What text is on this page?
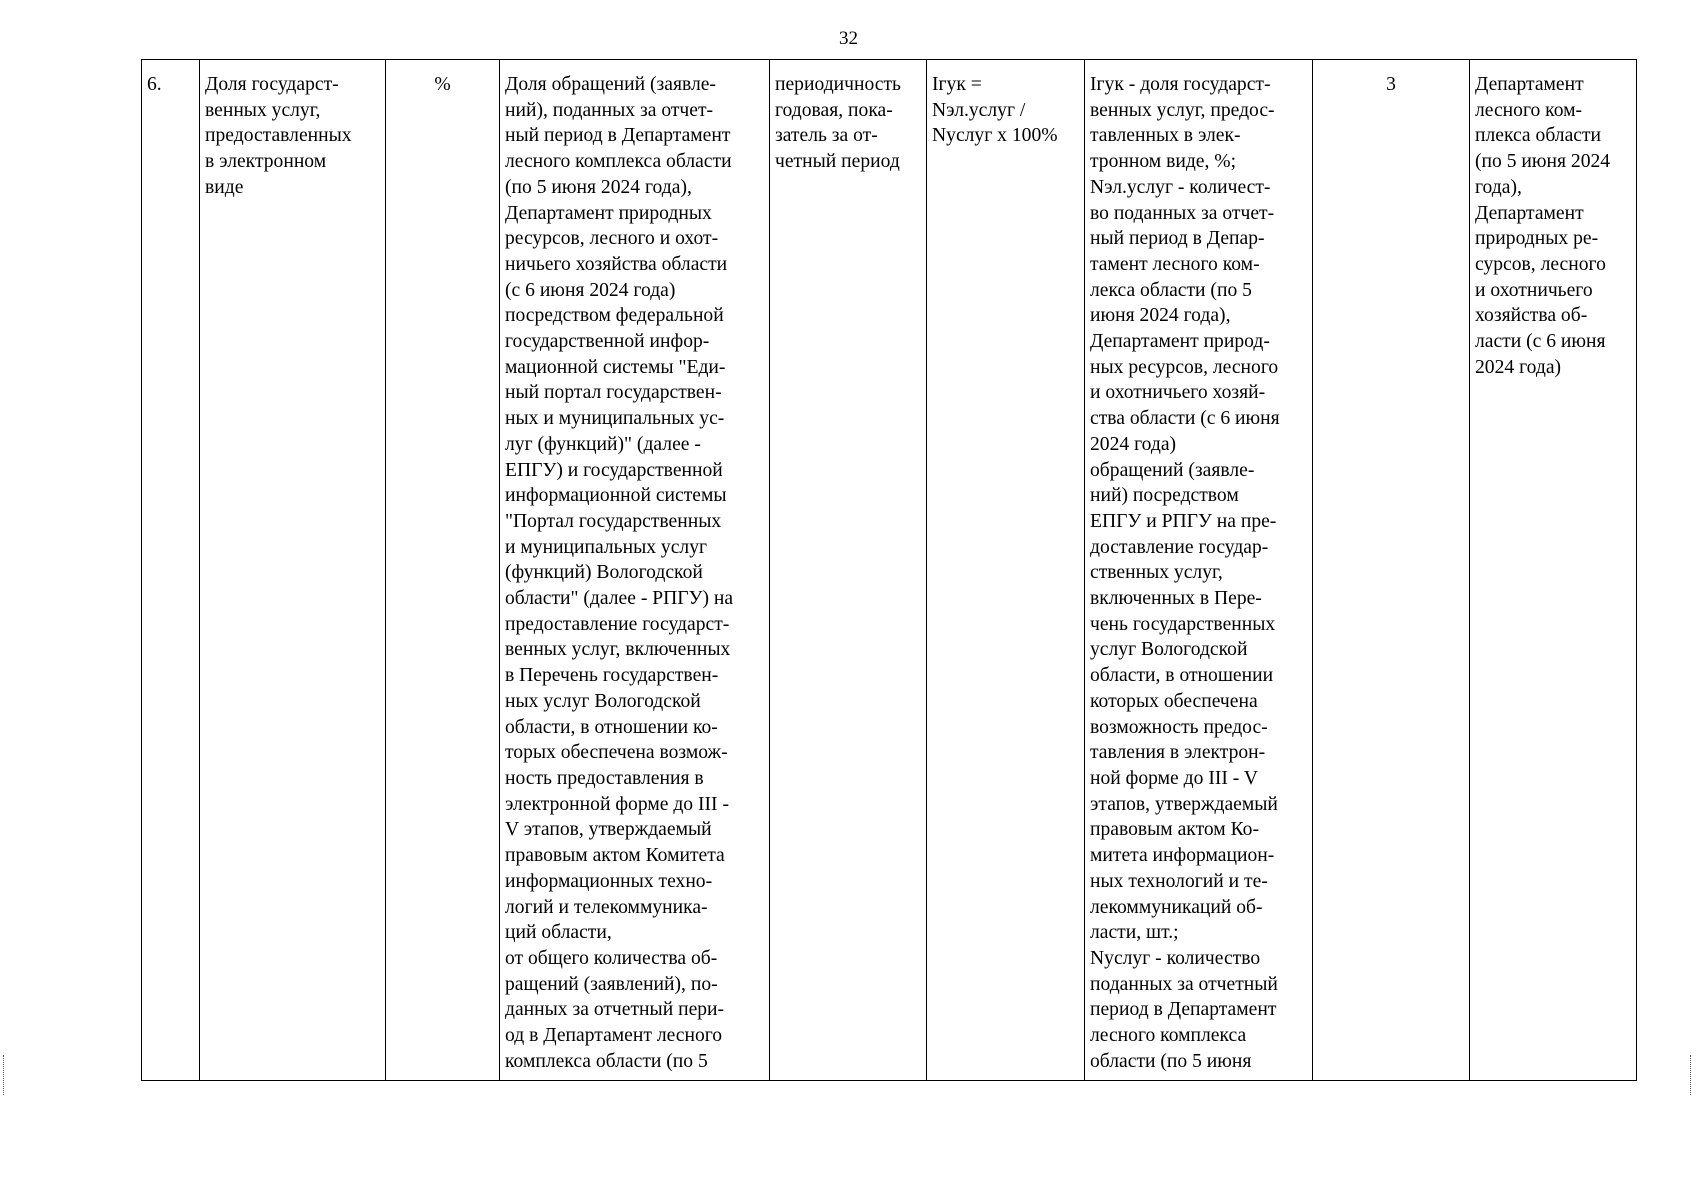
32
6.	Доля государст-
венных услуг,
предоставленных
в электронном
виде	%	Доля обращений (заявле-
ний), поданных за отчет-
ный период в Департамент
лесного комплекса области
(по 5 июня 2024 года),
Департамент природных
ресурсов, лесного и охот-
ничьего хозяйства области
(с 6 июня 2024 года)
посредством федеральной
государственной инфор-
мационной системы "Еди-
ный портал государствен-
ных и муниципальных ус-
луг (функций)" (далее -
ЕПГУ) и государственной
информационной системы
"Портал государственных
и муниципальных услуг
(функций) Вологодской
области" (далее - РПГУ) на
предоставление государст-
венных услуг, включенных
в Перечень государствен-
ных услуг Вологодской
области, в отношении ко-
торых обеспечена возмож-
ность предоставления в
электронной форме до III -
V этапов, утверждаемый
правовым актом Комитета
информационных техно-
логий и телекоммуника-
ций области,
от общего количества об-
ращений (заявлений), по-
данных за отчетный пери-
од в Департамент лесного
комплекса области (по 5	периодичность
годовая, пока-
затель за от-
четный период	Iгук =
Nэл.услуг /
Nуслуг x 100%	Iгук - доля государст-
венных услуг, предос-
тавленных в элек-
тронном виде, %;
Nэл.услуг - количест-
во поданных за отчет-
ный период в Депар-
тамент лесного ком-
лекса области (по 5
июня 2024 года),
Департамент природ-
ных ресурсов, лесного
и охотничьего хозяй-
ства области (с 6 июня
2024 года)
обращений (заявле-
ний) посредством
ЕПГУ и РПГУ на пре-
доставление государ-
ственных услуг,
включенных в Пере-
чень государственных
услуг Вологодской
области, в отношении
которых обеспечена
возможность предос-
тавления в электрон-
ной форме до III - V
этапов, утверждаемый
правовым актом Ко-
митета информацион-
ных технологий и те-
лекоммуникаций об-
ласти, шт.;
Nуслуг - количество
поданных за отчетный
период в Департамент
лесного комплекса
области (по 5 июня	3	Департамент
лесного ком-
плекса области
(по 5 июня 2024
года),
Департамент
природных ре-
сурсов, лесного
и охотничьего
хозяйства об-
ласти (с 6 июня
2024 года)
